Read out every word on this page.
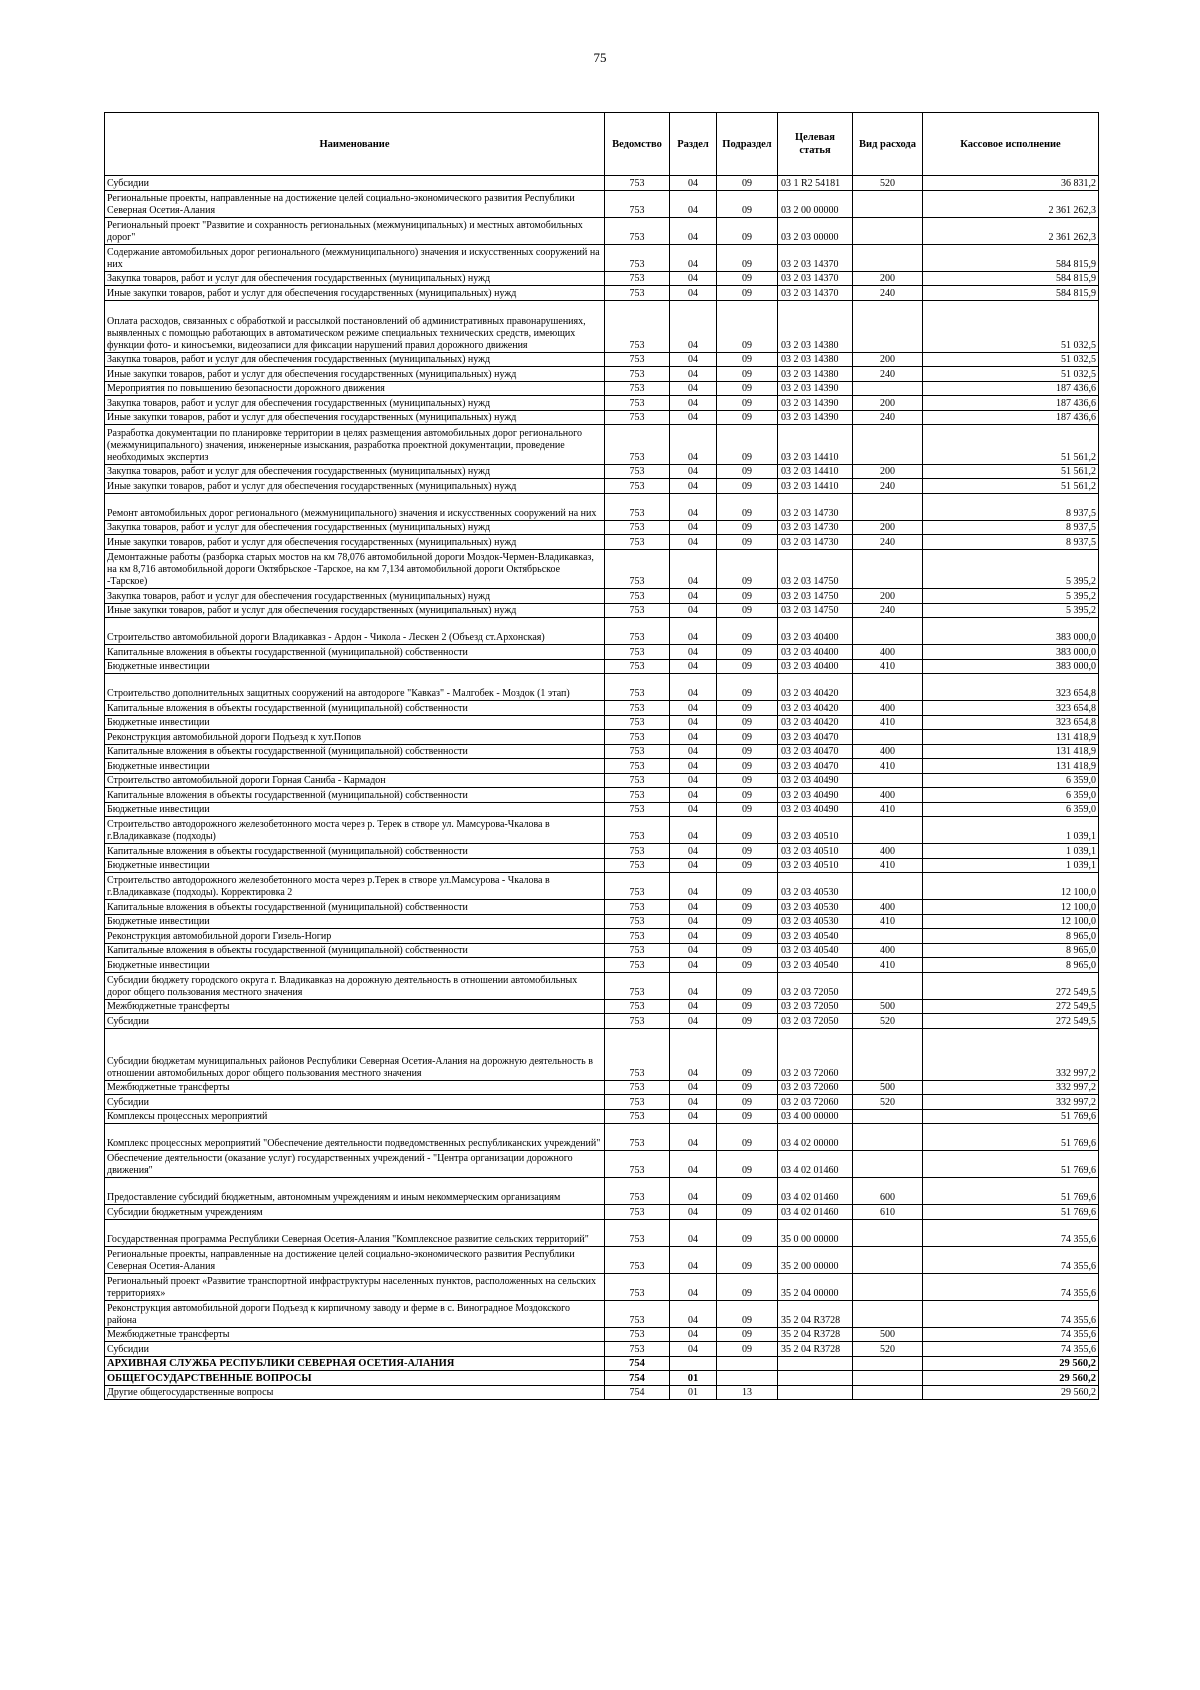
75
Наименование	Ведомство	Раздел	Подраздел	Целевая статья	Вид расхода	Кассовое исполнение
Субсидии	753	04	09	03 1 R2 54181	520	36 831,2
Региональные проекты, направленные на достижение целей социально-экономического развития Республики Северная Осетия-Алания	753	04	09	03 2 00 00000		2 361 262,3
Региональный проект "Развитие и сохранность региональных (межмуниципальных) и местных автомобильных дорог"	753	04	09	03 2 03 00000		2 361 262,3
Содержание автомобильных дорог регионального (межмуниципального) значения и искусственных сооружений на них	753	04	09	03 2 03 14370		584 815,9
Закупка товаров, работ и услуг для обеспечения государственных (муниципальных) нужд	753	04	09	03 2 03 14370	200	584 815,9
Иные закупки товаров, работ и услуг для обеспечения государственных (муниципальных) нужд	753	04	09	03 2 03 14370	240	584 815,9
Оплата расходов, связанных с обработкой и рассылкой постановлений об административных правонарушениях, выявленных с помощью работающих в автоматическом режиме специальных технических средств, имеющих функции фото- и киносъемки, видеозаписи для фиксации нарушений правил дорожного движения	753	04	09	03 2 03 14380		51 032,5
Закупка товаров, работ и услуг для обеспечения государственных (муниципальных) нужд	753	04	09	03 2 03 14380	200	51 032,5
Иные закупки товаров, работ и услуг для обеспечения государственных (муниципальных) нужд	753	04	09	03 2 03 14380	240	51 032,5
Мероприятия по повышению безопасности дорожного движения	753	04	09	03 2 03 14390		187 436,6
Закупка товаров, работ и услуг для обеспечения государственных (муниципальных) нужд	753	04	09	03 2 03 14390	200	187 436,6
Иные закупки товаров, работ и услуг для обеспечения государственных (муниципальных) нужд	753	04	09	03 2 03 14390	240	187 436,6
Разработка документации по планировке территории в целях размещения автомобильных дорог регионального (межмуниципального) значения, инженерные изыскания, разработка проектной документации, проведение необходимых экспертиз	753	04	09	03 2 03 14410		51 561,2
Закупка товаров, работ и услуг для обеспечения государственных (муниципальных) нужд	753	04	09	03 2 03 14410	200	51 561,2
Иные закупки товаров, работ и услуг для обеспечения государственных (муниципальных) нужд	753	04	09	03 2 03 14410	240	51 561,2
Ремонт автомобильных дорог регионального (межмуниципального) значения и искусственных сооружений на них	753	04	09	03 2 03 14730		8 937,5
Закупка товаров, работ и услуг для обеспечения государственных (муниципальных) нужд	753	04	09	03 2 03 14730	200	8 937,5
Иные закупки товаров, работ и услуг для обеспечения государственных (муниципальных) нужд	753	04	09	03 2 03 14730	240	8 937,5
Демонтажные работы (разборка старых мостов на км 78,076 автомобильной дороги Моздок-Чермен-Владикавказ, на км 8,716 автомобильной дороги Октябрьское -Тарское, на км 7,134 автомобильной дороги Октябрьское -Тарское)	753	04	09	03 2 03 14750		5 395,2
Закупка товаров, работ и услуг для обеспечения государственных (муниципальных) нужд	753	04	09	03 2 03 14750	200	5 395,2
Иные закупки товаров, работ и услуг для обеспечения государственных (муниципальных) нужд	753	04	09	03 2 03 14750	240	5 395,2
Строительство автомобильной дороги Владикавказ - Ардон - Чикола - Лескен 2 (Объезд ст.Архонская)	753	04	09	03 2 03 40400		383 000,0
Капитальные вложения в объекты государственной (муниципальной) собственности	753	04	09	03 2 03 40400	400	383 000,0
Бюджетные инвестиции	753	04	09	03 2 03 40400	410	383 000,0
Строительство дополнительных защитных сооружений на автодороге "Кавказ" - Малгобек - Моздок (1 этап)	753	04	09	03 2 03 40420		323 654,8
Капитальные вложения в объекты государственной (муниципальной) собственности	753	04	09	03 2 03 40420	400	323 654,8
Бюджетные инвестиции	753	04	09	03 2 03 40420	410	323 654,8
Реконструкция автомобильной дороги Подъезд к хут.Попов	753	04	09	03 2 03 40470		131 418,9
Капитальные вложения в объекты государственной (муниципальной) собственности	753	04	09	03 2 03 40470	400	131 418,9
Бюджетные инвестиции	753	04	09	03 2 03 40470	410	131 418,9
Строительство автомобильной дороги Горная Саниба - Кармадон	753	04	09	03 2 03 40490		6 359,0
Капитальные вложения в объекты государственной (муниципальной) собственности	753	04	09	03 2 03 40490	400	6 359,0
Бюджетные инвестиции	753	04	09	03 2 03 40490	410	6 359,0
Строительство автодорожного железобетонного моста через р. Терек в створе ул. Мамсурова-Чкалова в г.Владикавказе (подходы)	753	04	09	03 2 03 40510		1 039,1
Капитальные вложения в объекты государственной (муниципальной) собственности	753	04	09	03 2 03 40510	400	1 039,1
Бюджетные инвестиции	753	04	09	03 2 03 40510	410	1 039,1
Строительство автодорожного железобетонного моста через р.Терек в створе ул.Мамсурова - Чкалова в г.Владикавказе (подходы). Корректировка 2	753	04	09	03 2 03 40530		12 100,0
Капитальные вложения в объекты государственной (муниципальной) собственности	753	04	09	03 2 03 40530	400	12 100,0
Бюджетные инвестиции	753	04	09	03 2 03 40530	410	12 100,0
Реконструкция автомобильной дороги Гизель-Ногир	753	04	09	03 2 03 40540		8 965,0
Капитальные вложения в объекты государственной (муниципальной) собственности	753	04	09	03 2 03 40540	400	8 965,0
Бюджетные инвестиции	753	04	09	03 2 03 40540	410	8 965,0
Субсидии бюджету городского округа г. Владикавказ на дорожную деятельность в отношении автомобильных дорог общего пользования местного значения	753	04	09	03 2 03 72050		272 549,5
Межбюджетные трансферты	753	04	09	03 2 03 72050	500	272 549,5
Субсидии	753	04	09	03 2 03 72050	520	272 549,5
Субсидии бюджетам муниципальных районов Республики Северная Осетия-Алания на дорожную деятельность в отношении автомобильных дорог общего пользования местного значения	753	04	09	03 2 03 72060		332 997,2
Межбюджетные трансферты	753	04	09	03 2 03 72060	500	332 997,2
Субсидии	753	04	09	03 2 03 72060	520	332 997,2
Комплексы процессных мероприятий	753	04	09	03 4 00 00000		51 769,6
Комплекс процессных мероприятий "Обеспечение деятельности подведомственных республиканских учреждений"	753	04	09	03 4 02 00000		51 769,6
Обеспечение деятельности (оказание услуг) государственных учреждений - "Центра организации дорожного движения"	753	04	09	03 4 02 01460		51 769,6
Предоставление субсидий бюджетным, автономным учреждениям и иным некоммерческим организациям	753	04	09	03 4 02 01460	600	51 769,6
Субсидии бюджетным учреждениям	753	04	09	03 4 02 01460	610	51 769,6
Государственная программа Республики Северная Осетия-Алания "Комплексное развитие сельских территорий"	753	04	09	35 0 00 00000		74 355,6
Региональные проекты, направленные на достижение целей социально-экономического развития Республики Северная Осетия-Алания	753	04	09	35 2 00 00000		74 355,6
Региональный проект «Развитие транспортной инфраструктуры населенных пунктов, расположенных на сельских территориях»	753	04	09	35 2 04 00000		74 355,6
Реконструкция автомобильной дороги Подъезд к кирпичному заводу и ферме в с. Виноградное Моздокского района	753	04	09	35 2 04 R3728		74 355,6
Межбюджетные трансферты	753	04	09	35 2 04 R3728	500	74 355,6
Субсидии	753	04	09	35 2 04 R3728	520	74 355,6
АРХИВНАЯ СЛУЖБА РЕСПУБЛИКИ СЕВЕРНАЯ ОСЕТИЯ-АЛАНИЯ	754					29 560,2
ОБЩЕГОСУДАРСТВЕННЫЕ ВОПРОСЫ	754	01				29 560,2
Другие общегосударственные вопросы	754	01	13			29 560,2
